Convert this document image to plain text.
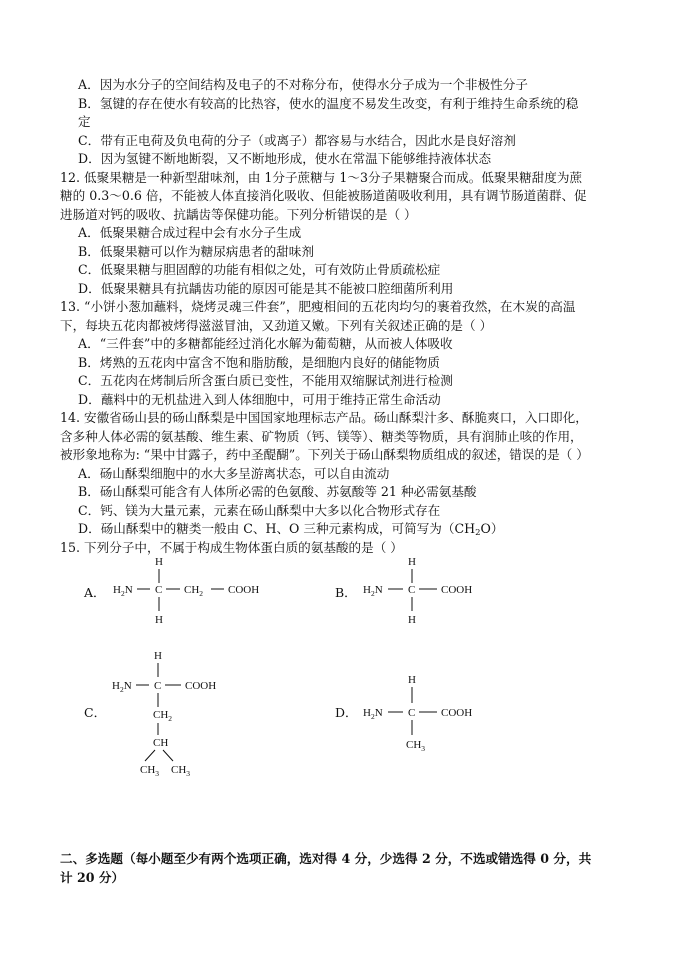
A．因为水分子的空间结构及电子的不对称分布，使得水分子成为一个非极性分子
B．氢键的存在使水有较高的比热容，使水的温度不易发生改变，有利于维持生命系统的稳
定
C．带有正电荷及负电荷的分子（或离子）都容易与水结合，因此水是良好溶剂
D．因为氢键不断地断裂，又不断地形成，使水在常温下能够维持液体状态
12. 低聚果糖是一种新型甜味剂，由 1分子蔗糖与 1～3分子果糖聚合而成。低聚果糖甜度为蔗
糖的 0.3～0.6 倍，不能被人体直接消化吸收、但能被肠道菌吸收利用，具有调节肠道菌群、促
进肠道对钙的吸收、抗龋齿等保健功能。下列分析错误的是（ ）
A．低聚果糖合成过程中会有水分子生成
B．低聚果糖可以作为糖尿病患者的甜味剂
C．低聚果糖与胆固醇的功能有相似之处，可有效防止骨质疏松症
D．低聚果糖具有抗龋齿功能的原因可能是其不能被口腔细菌所利用
13. “小饼小葱加蘸料，烧烤灵魂三件套”，肥瘦相间的五花肉均匀的裹着孜然，在木炭的高温
下，每块五花肉都被烤得滋滋冒油，又劲道又嫩。下列有关叙述正确的是（ ）
A．“三件套”中的多糖都能经过消化水解为葡萄糖，从而被人体吸收
B．烤熟的五花肉中富含不饱和脂肪酸，是细胞内良好的储能物质
C．五花肉在烤制后所含蛋白质已变性，不能用双缩脲试剂进行检测
D．蘸料中的无机盐进入到人体细胞中，可用于维持正常生命活动
14. 安徽省砀山县的砀山酥梨是中国国家地理标志产品。砀山酥梨汁多、酥脆爽口，入口即化，
含多种人体必需的氨基酸、维生素、矿物质（钙、镁等）、糖类等物质，具有润肺止咳的作用，
被形象地称为: “果中甘露子，药中圣醍醐”。下列关于砀山酥梨物质组成的叙述，错误的是（ ）
A．砀山酥梨细胞中的水大多呈游离状态，可以自由流动
B．砀山酥梨可能含有人体所必需的色氨酸、苏氨酸等 21 种必需氨基酸
C．钙、镁为大量元素，元素在砀山酥梨中大多以化合物形式存在
D．砀山酥梨中的糖类一般由 C、H、O 三种元素构成，可简写为$(CH_2O)$
15. 下列分子中，不属于构成生物体蛋白质的氨基酸的是（ ）
A．
H
$H_2N$ C $CH_2$ COOH
H
B．
H
$H_2N$ C COOH
H
C．
H
$H_2N$ C COOH
$CH_2$
CH
$CH_3$ $CH_3$
D．
H
$H_2N$ C COOH
$CH_3$
二、多选题（每小题至少有两个选项正确，选对得 4 分，少选得 2 分，不选或错选得 0 分，共
计 20 分）
